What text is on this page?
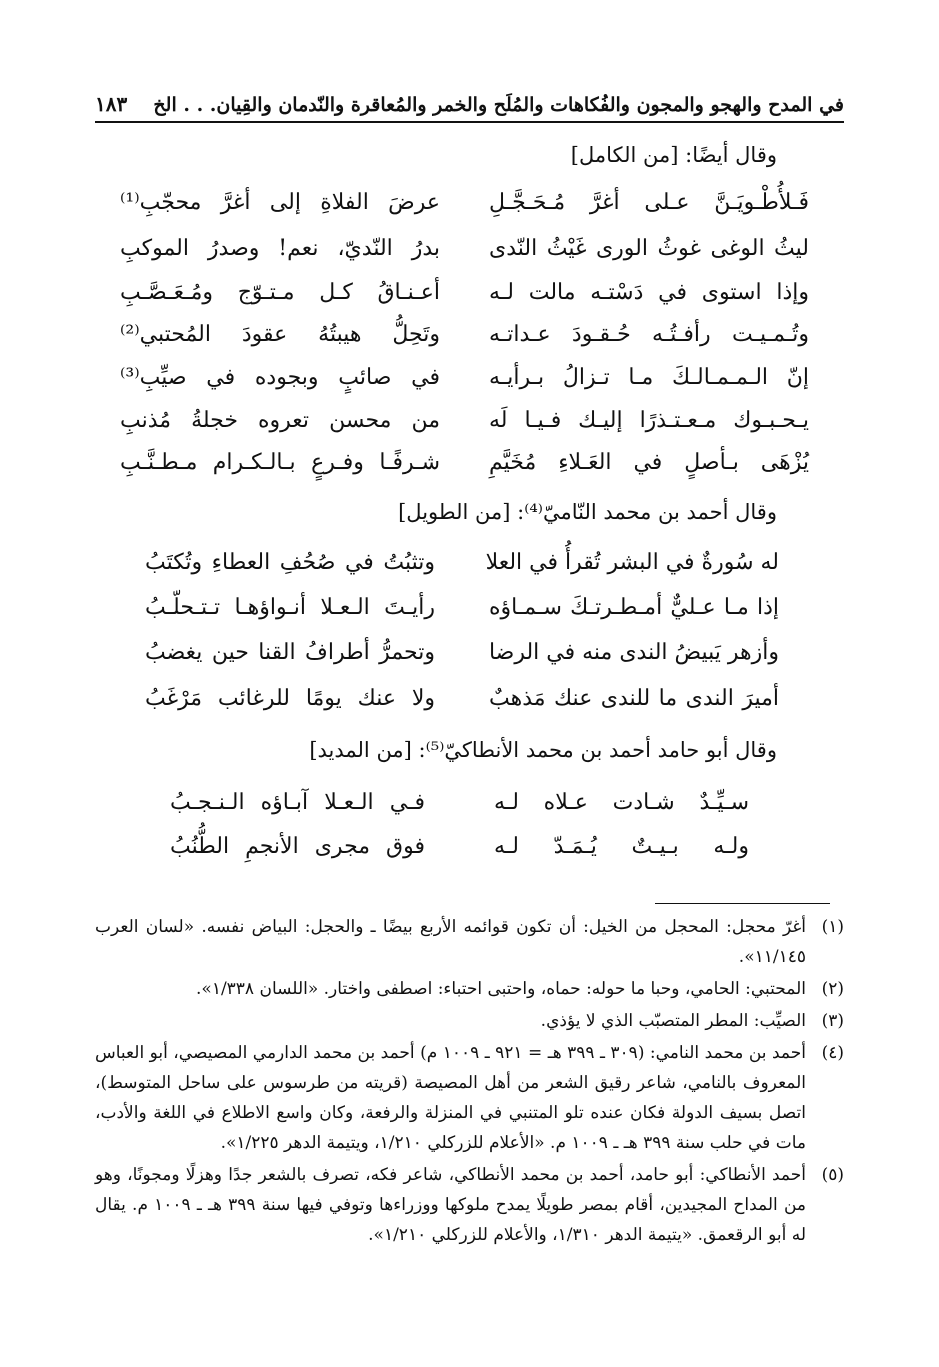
في المدح والهجو والمجون والفُكاهات والمُلَح والخمر والمُعاقرة والنّدمان والقِيان. . . الخ
١٨٣
وقال أيضًا: [من الكامل]
فَـلأُطْـويَـنَّ عـلى أغرَّ مُـحَـجَّـلِ
عرضَ الفلاةِ إلى أغرَّ محجّبِ⁽¹⁾
ليثُ الوغى غوثُ الورى غَيْثُ النّدى
بدرُ النّديّ، نعم! وصدرُ الموكبِ
وإذا استوى في دَسْتـه مالت لـه
أعـنـاقُ كـل مـتـوّج ومُـعَـصَّـبِ
وتُـمـيـت رأفـتُـه حُـقـودَ عـداتـه
وتَحِلُّ هيبتُهُ عقودَ المُحتبي⁽²⁾
إنّ الـمـمـالـكَ مـا تـزالُ بـرأيـه
في صائبٍ وبجوده في صيِّبِ⁽³⁾
يـحـبـوك مـعـتـذرًا إليـك فـيـا لَه
من محسن تعروه خجلةُ مُذنبِ
يُزْهَى بـأصلٍ في العَـلاءِ مُخَيَّمِ
شـرفًـا وفـرعٍ بـالـكـرام مـطـنَّـبِ
وقال أحمد بن محمد النّاميّ⁽⁴⁾: [من الطويل]
له سُورةٌ في البشر تُقرأُ في العلا
وتثبُتُ في صُحُفِ العطاءِ وتُكتَبُ
إذا مـا عـليٌّ أمـطـرتـكَ سـمـاؤه
رأيـتَ الـعـلا أنـواؤهـا تـتـحلّـبُ
وأزهر يَبيضُ الندى منه في الرضا
وتحمرُّ أطرافُ القنا حين يغضبُ
أميرَ الندى ما للندى عنك مَذهبٌ
ولا عنك يومًا للرغائب مَرْغَبُ
وقال أبو حامد أحمد بن محمد الأنطاكيّ⁽⁵⁾: [من المديد]
سـيِّـدٌ شـادت عـلاه لـه
فـي الـعـلا آبـاؤه الـنـجـبُ
ولـه بـيـتٌ يُـمَـدّ لـه
فوق مجرى الأنجمِ الطُّنُبُ
(١)
أغرّ محجل: المحجل من الخيل: أن تكون قوائمه الأربع بيضًا ـ والحجل: البياض نفسه. «لسان العرب ١١/١٤٥».
(٢)
المحتبي: الحامي، وحبا ما حوله: حماه، واحتبى احتباء: اصطفى واختار. «اللسان ١/٣٣٨».
(٣)
الصيِّب: المطر المتصبّب الذي لا يؤذي.
(٤)
أحمد بن محمد النامي: (٣٠٩ ـ ٣٩٩ هـ = ٩٢١ ـ ١٠٠٩ م) أحمد بن محمد الدارمي المصيصي، أبو العباس المعروف بالنامي، شاعر رقيق الشعر من أهل المصيصة (قريته من طرسوس على ساحل المتوسط)، اتصل بسيف الدولة فكان عنده تلو المتنبي في المنزلة والرفعة، وكان واسع الاطلاع في اللغة والأدب، مات في حلب سنة ٣٩٩ هـ ـ ١٠٠٩ م. «الأعلام للزركلي ١/٢١٠، ويتيمة الدهر ١/٢٢٥».
(٥)
أحمد الأنطاكي: أبو حامد، أحمد بن محمد الأنطاكي، شاعر فكه، تصرف بالشعر جدًا وهزلًا ومجونًا، وهو من المداح المجيدين، أقام بمصر طويلًا يمدح ملوكها ووزراءها وتوفي فيها سنة ٣٩٩ هـ ـ ١٠٠٩ م. يقال له أبو الرقعمق. «يتيمة الدهر ١/٣١٠، والأعلام للزركلي ١/٢١٠».
